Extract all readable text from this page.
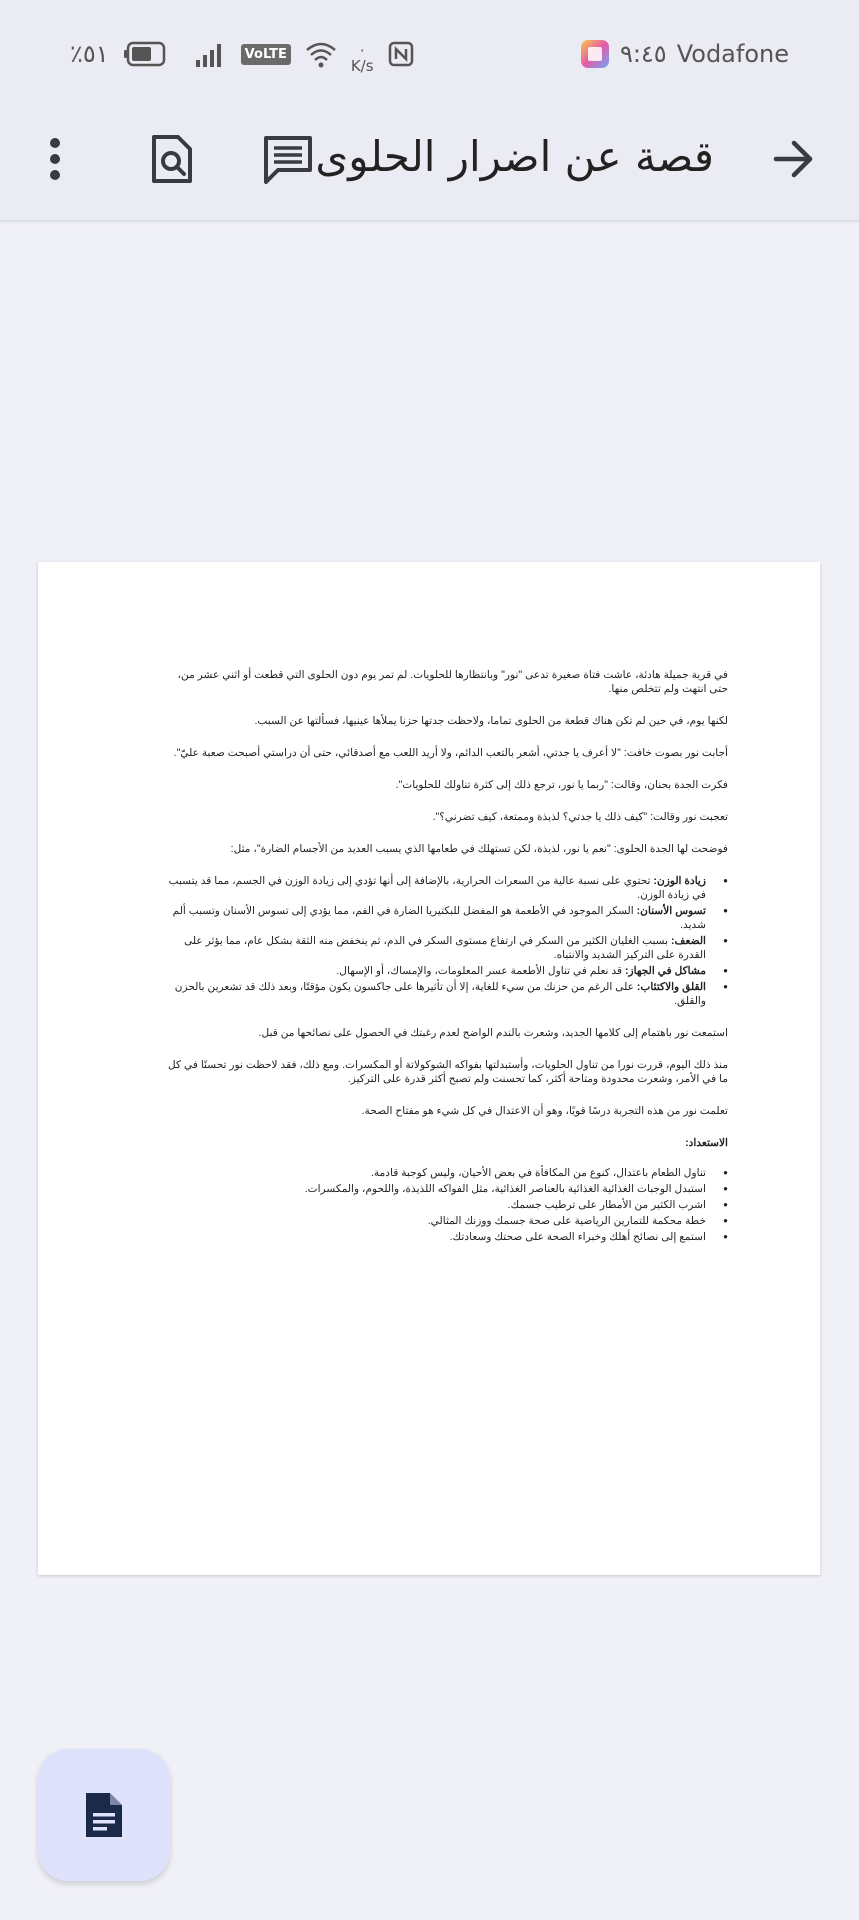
٥١٪	VoLTE	·
K/s	٩:٤٥ Vodafone
قصة عن اضرار الحلوى

في قرية جميلة هادئة، عاشت فتاة صغيرة تدعى "نور" وبانتظارها للحلويات. لم تمر يوم دون الحلوى التي قطعت أو اثني عشر من، حتى انتهت ولم تتخلص منها.

لكنها يوم، في حين لم تكن هناك قطعة من الحلوى تماما، ولاحظت جدتها حزنا يملأها عينيها، فسألتها عن السبب.

أجابت نور بصوت خافت: "لا أعرف يا جدتي، أشعر بالتعب الدائم، ولا أريد اللعب مع أصدقائي، حتى أن دراستي أصبحت صعبة عليّ".

فكرت الجدة بحنان، وقالت: "ربما يا نور، ترجع ذلك إلى كثرة تناولك للحلويات".

تعجبت نور وقالت: "كيف ذلك يا جدتي؟ لذيذة وممتعة، كيف تضرني؟".

فوضحت لها الجدة الحلوى: "نعم يا نور، لذيذة، لكن تستهلك في طعامها الذي يسبب العديد من الأجسام الضارة"، مثل:

● زيادة الوزن: تحتوي على نسبة عالية من السعرات الحرارية، بالإضافة إلى أنها تؤدي إلى زيادة الوزن في الجسم، مما قد يتسبب في زيادة الوزن.
● تسوس الأسنان: السكر الموجود في الأطعمة هو المفضل للبكتيريا الضارة في الفم، مما يؤدي إلى تسوس الأسنان وتسبب ألم شديد.
● الضعف: بسبب الغليان الكثير من السكر في ارتفاع مستوى السكر في الدم، ثم ينخفض منه الثقة بشكل عام، مما يؤثر على القدرة على التركيز الشديد والانتباه.
● مشاكل في الجهاز: قد نعلم في تناول الأطعمة عسر المعلومات، والإمساك، أو الإسهال.
● القلق والاكتئاب: على الرغم من حزنك من سيء للغاية، إلا أن تأثيرها على جاكسون يكون مؤقتًا، وبعد ذلك قد تشعرين بالحزن والقلق.

استمعت نور باهتمام إلى كلامها الجديد، وشعرت بالندم الواضح لعدم رغبتك في الحصول على نصائحها من قبل.

منذ ذلك اليوم، قررت نورا من تناول الحلويات، وأستبدلتها بفواكه الشوكولاتة أو المكسرات. ومع ذلك، فقد لاحظت نور تحسنًا في كل ما في الأمر، وشعرت محدودة ومتاحة أكثر، كما تحسنت ولم تصبح أكثر قدرة على التركيز.

تعلمت نور من هذه التجربة درسًا قويًا، وهو أن الاعتدال في كل شيء هو مفتاح الصحة.

الاستعداد:
● تناول الطعام باعتدال، كنوع من المكافأة في بعض الأحيان، وليس كوجبة قادمة.
● استبدل الوجبات الغذائية الغذائية بالعناصر الغذائية، مثل الفواكه اللذيذة، واللحوم، والمكسرات.
● اشرب الكثير من الأمطار على ترطيب جسمك.
● خطة محكمة للتمارين الرياضية على صحة جسمك ووزنك المثالي.
● استمع إلى نصائح أهلك وخبراء الصحة على صحتك وسعادتك.
